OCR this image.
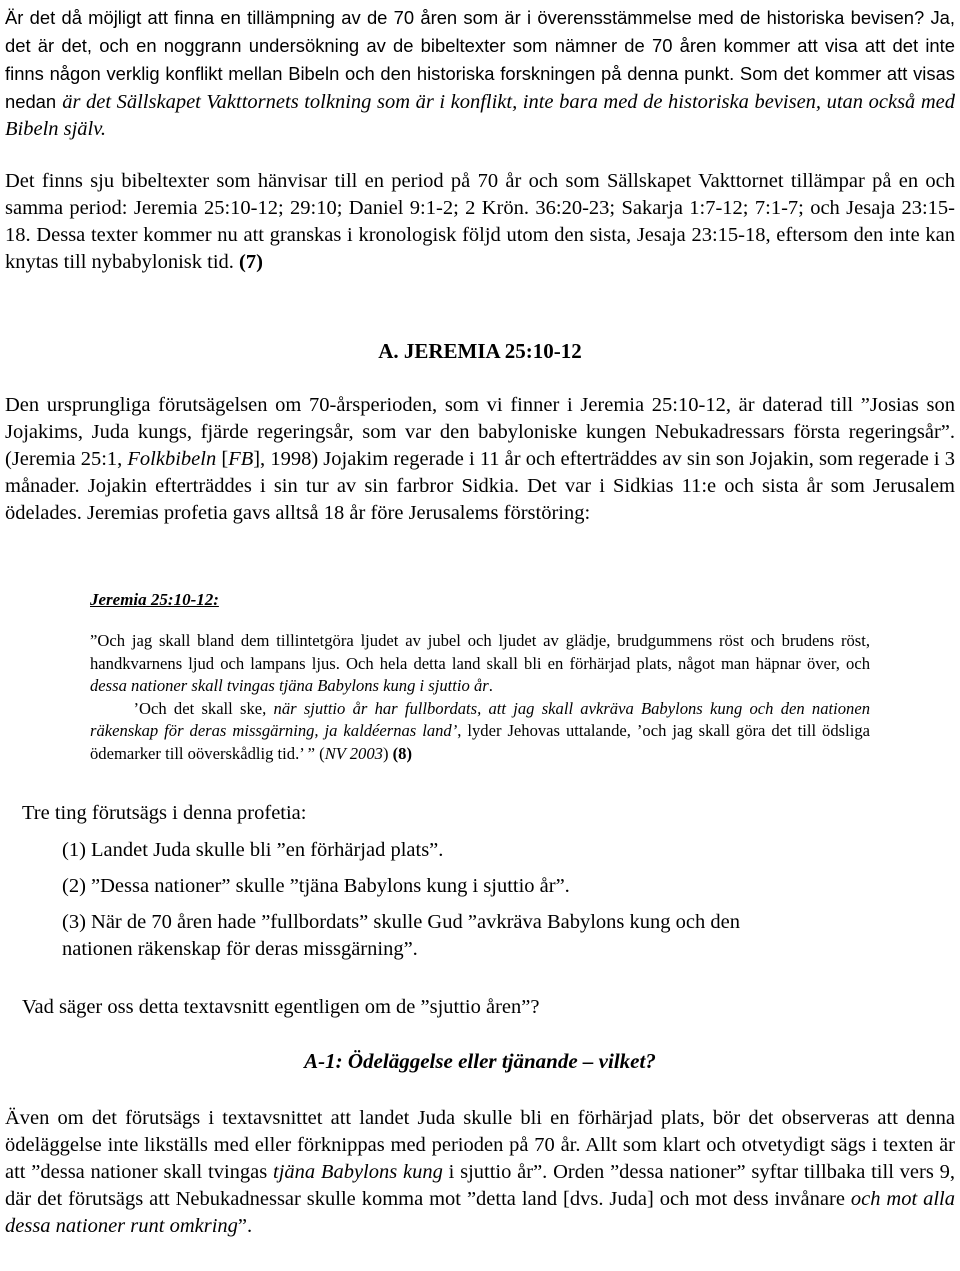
Är det då möjligt att finna en tillämpning av de 70 åren som är i överensstämmelse med de historiska bevisen? Ja, det är det, och en noggrann undersökning av de bibeltexter som nämner de 70 åren kommer att visa att det inte finns någon verklig konflikt mellan Bibeln och den historiska forskningen på denna punkt. Som det kommer att visas nedan är det Sällskapet Vakttornets tolkning som är i konflikt, inte bara med de historiska bevisen, utan också med Bibeln själv.

Det finns sju bibeltexter som hänvisar till en period på 70 år och som Sällskapet Vakttornet tillämpar på en och samma period: Jeremia 25:10-12; 29:10; Daniel 9:1-2; 2 Krön. 36:20-23; Sakarja 1:7-12; 7:1-7; och Jesaja 23:15-18. Dessa texter kommer nu att granskas i kronologisk följd utom den sista, Jesaja 23:15-18, eftersom den inte kan knytas till nybabylonisk tid. (7)

A. JEREMIA 25:10-12

Den ursprungliga förutsägelsen om 70-årsperioden, som vi finner i Jeremia 25:10-12, är daterad till ”Josias son Jojakims, Juda kungs, fjärde regeringsår, som var den babyloniske kungen Nebukadressars första regeringsår”. (Jeremia 25:1, Folkbibeln [FB], 1998) Jojakim regerade i 11 år och efterträddes av sin son Jojakin, som regerade i 3 månader. Jojakin efterträddes i sin tur av sin farbror Sidkia. Det var i Sidkias 11:e och sista år som Jerusalem ödelades. Jeremias profetia gavs alltså 18 år före Jerusalems förstöring:

Jeremia 25:10-12:

”Och jag skall bland dem tillintetgöra ljudet av jubel och ljudet av glädje, brudgummens röst och brudens röst, handkvarnens ljud och lampans ljus. Och hela detta land skall bli en förhärjad plats, något man häpnar över, och dessa nationer skall tvingas tjäna Babylons kung i sjuttio år.
’Och det skall ske, när sjuttio år har fullbordats, att jag skall avkräva Babylons kung och den nationen räkenskap för deras missgärning, ja kaldéernas land’, lyder Jehovas uttalande, ’och jag skall göra det till ödsliga ödemarker till oöverskådlig tid.’ ” (NV 2003) (8)

Tre ting förutsägs i denna profetia:

(1) Landet Juda skulle bli ”en förhärjad plats”.

(2) ”Dessa nationer” skulle ”tjäna Babylons kung i sjuttio år”.

(3) När de 70 åren hade ”fullbordats” skulle Gud ”avkräva Babylons kung och den

nationen räkenskap för deras missgärning”.

Vad säger oss detta textavsnitt egentligen om de ”sjuttio åren”?
A-1: Ödeläggelse eller tjänande – vilket?

Även om det förutsägs i textavsnittet att landet Juda skulle bli en förhärjad plats, bör det observeras att denna ödeläggelse inte likställs med eller förknippas med perioden på 70 år. Allt som klart och otvetydigt sägs i texten är att ”dessa nationer skall tvingas tjäna Babylons kung i sjuttio år”. Orden ”dessa nationer” syftar tillbaka till vers 9, där det förutsägs att Nebukadnessar skulle komma mot ”detta land [dvs. Juda] och mot dess invånare och mot alla dessa nationer runt omkring”.
